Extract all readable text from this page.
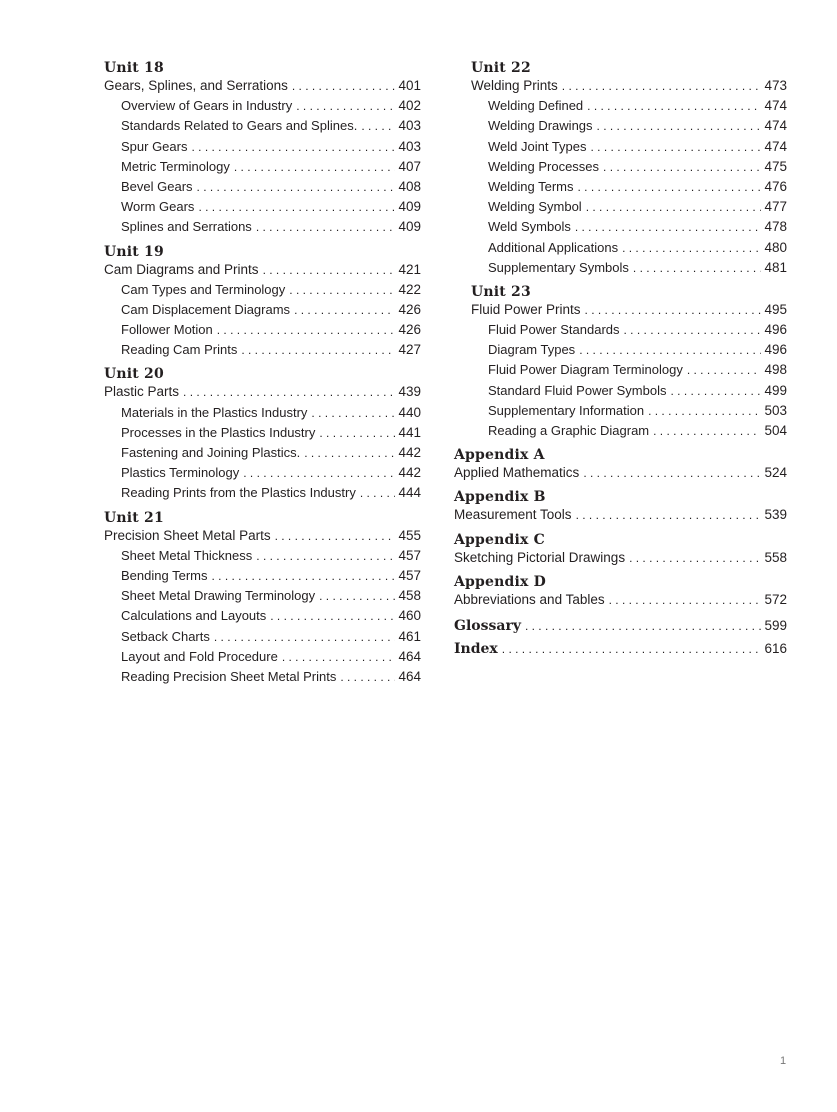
Unit 18
Gears, Splines, and Serrations . . .	401
Overview of Gears in Industry . . .	402
Standards Related to Gears and Splines. . . .	403
Spur Gears . . .	403
Metric Terminology . . .	407
Bevel Gears . . .	408
Worm Gears . . .	409
Splines and Serrations . . .	409
Unit 19
Cam Diagrams and Prints . . .	421
Cam Types and Terminology . . .	422
Cam Displacement Diagrams . . .	426
Follower Motion . . .	426
Reading Cam Prints . . .	427
Unit 20
Plastic Parts . . .	439
Materials in the Plastics Industry . . .	440
Processes in the Plastics Industry . . .	441
Fastening and Joining Plastics. . . .	442
Plastics Terminology . . .	442
Reading Prints from the Plastics Industry . . .	444
Unit 21
Precision Sheet Metal Parts . . .	455
Sheet Metal Thickness . . .	457
Bending Terms . . .	457
Sheet Metal Drawing Terminology . . .	458
Calculations and Layouts . . .	460
Setback Charts . . .	461
Layout and Fold Procedure . . .	464
Reading Precision Sheet Metal Prints . . .	464
Unit 22
Welding Prints . . .	473
Welding Defined . . .	474
Welding Drawings . . .	474
Weld Joint Types . . .	474
Welding Processes . . .	475
Welding Terms . . .	476
Welding Symbol . . .	477
Weld Symbols . . .	478
Additional Applications . . .	480
Supplementary Symbols . . .	481
Unit 23
Fluid Power Prints . . .	495
Fluid Power Standards . . .	496
Diagram Types . . .	496
Fluid Power Diagram Terminology . . .	498
Standard Fluid Power Symbols . . .	499
Supplementary Information . . .	503
Reading a Graphic Diagram . . .	504
Appendix A
Applied Mathematics . . .	524
Appendix B
Measurement Tools . . .	539
Appendix C
Sketching Pictorial Drawings . . .	558
Appendix D
Abbreviations and Tables . . .	572
Glossary . . .	599
Index . . .	616
1
